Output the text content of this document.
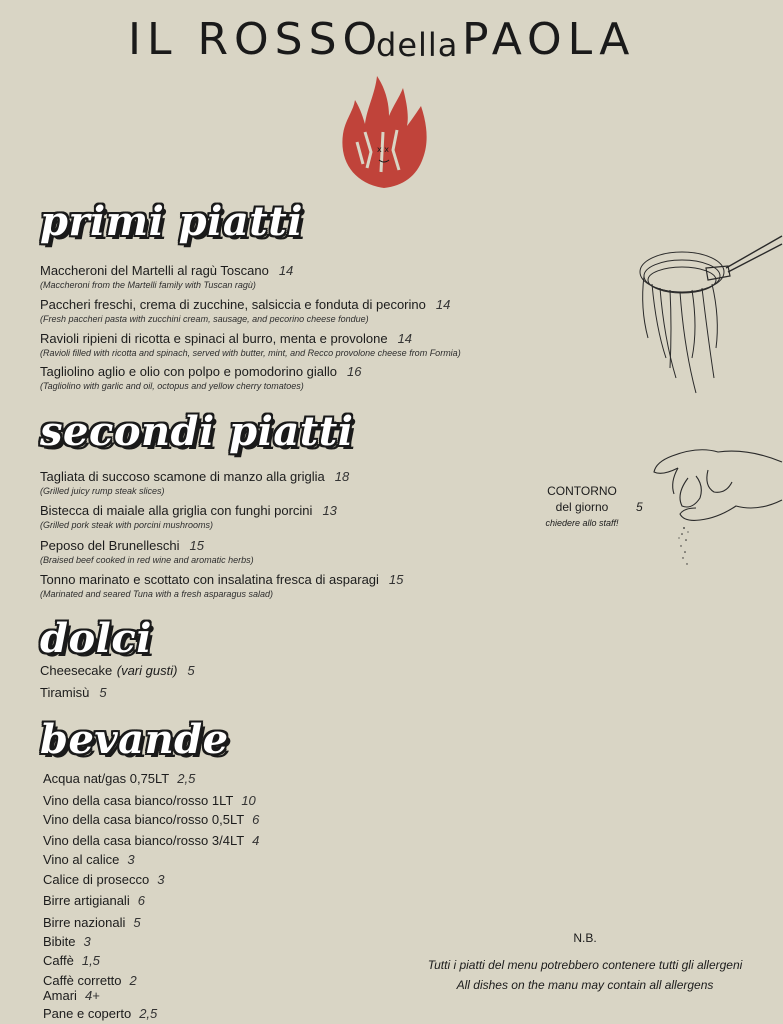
IL ROSSO
della PAOLA
x x
primi piatti
Maccheroni del Martelli al ragù Toscano 14
(Maccheroni from the Martelli family with Tuscan ragù)
Paccheri freschi, crema di zucchine, salsiccia e fonduta di pecorino 14
(Fresh paccheri pasta with zucchini cream, sausage, and pecorino cheese fondue)
Ravioli ripieni di ricotta e spinaci al burro, menta e provolone 14
(Ravioli filled with ricotta and spinach, served with butter, mint, and Recco provolone cheese from Formia)
Tagliolino aglio e olio con polpo e pomodorino giallo 16
(Tagliolino with garlic and oil, octopus and yellow cherry tomatoes)
secondi piatti
Tagliata di succoso scamone di manzo alla griglia 18
(Grilled juicy rump steak slices)
Bistecca di maiale alla griglia con funghi porcini 13
(Grilled pork steak with porcini mushrooms)
Peposo del Brunelleschi 15
(Braised beef cooked in red wine and aromatic herbs)
Tonno marinato e scottato con insalatina fresca di asparagi 15
(Marinated and seared Tuna with a fresh asparagus salad)
CONTORNO
del giorno
chiedere allo staff!
5
dolci
Cheesecake (vari gusti) 5
Tiramisù 5
bevande
Acqua nat/gas 0,75LT 2,5
Vino della casa bianco/rosso 1LT 10
Vino della casa bianco/rosso 0,5LT 6
Vino della casa bianco/rosso 3/4LT 4
Vino al calice 3
Calice di prosecco 3
Birre artigianali 6
Birre nazionali 5
Bibite 3
Caffè 1,5
Caffè corretto 2
Amari 4+
Pane e coperto 2,5
N.B.
Tutti i piatti del menu potrebbero contenere tutti gli allergeni
All dishes on the manu may contain all allergens
